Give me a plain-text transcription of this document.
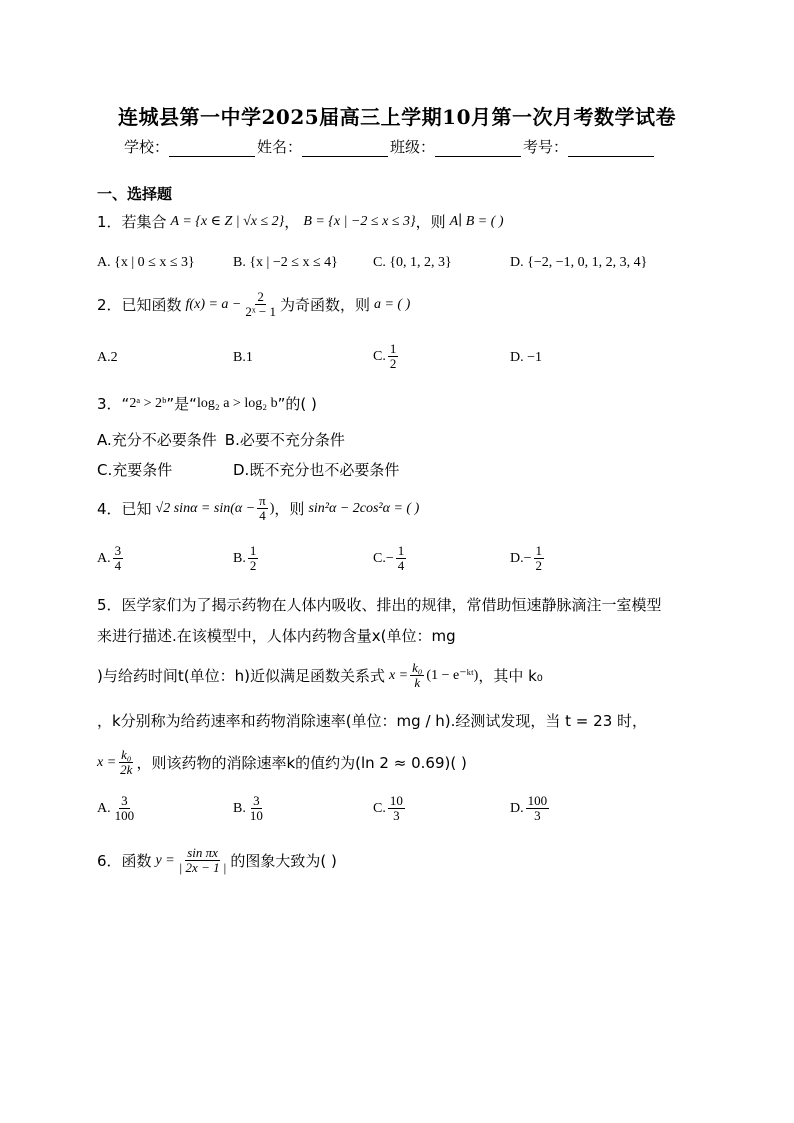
连城县第一中学2025届高三上学期10月第一次月考数学试卷
学校：	姓名：	班级：	考号：
一、选择题
1．若集合 A = {x ∈ Z | √x ≤ 2} ， B = {x | −2 ≤ x ≤ 3} ，则 A∣ B = ( )
A. {x | 0 ≤ x ≤ 3}	B. {x | −2 ≤ x ≤ 4}	C. {0, 1, 2, 3}	D. {−2, −1, 0, 1, 2, 3, 4}
2．已知函数 $f(x) = a - \frac{2}{\text{2ˣ − 1}}$ 为奇函数，则 a = ( )
A.2	B.1	C. $\frac{1}{2}$	D. −1
3．“ 2ᵃ > 2ᵇ ”是“ log₂ a > log₂ b ”的( )
A.充分不必要条件 B.必要不充分条件
C.充要条件	D.既不充分也不必要条件
4．已知 √2 $\sin\alpha = \sin(\alpha - \frac{\pi}{4}$ ) ，则 sin²α − 2cos²α = ( )
A. $\frac{3}{4}$	B. $\frac{1}{2}$	C. − $\frac{1}{4}$	D. − $\frac{1}{2}$
5．医学家们为了揭示药物在人体内吸收、排出的规律，常借助恒速静脉滴注一室模型
来进行描述.在该模型中，人体内药物含量x(单位：mg
)与给药时间t(单位：h)近似满足函数关系式 $x = \frac{\text{k₀}}{k} (1$ − e⁻ᵏᵗ) ，其中 k₀
，k分别称为给药速率和药物消除速率(单位：mg / h).经测试发现，当 t = 23 时，
$x = \frac{\text{k₀}}{2k}$ ，则该药物的消除速率k的值约为(ln 2 ≈ 0.69)( )
A. $\frac{3}{100}$	B. $\frac{3}{10}$	C. $\frac{10}{3}$	D. $\frac{100}{3}$
6．函数 $y = \frac{\text{sin πx}}{| 2x - 1 |}$ 的图象大致为( )
